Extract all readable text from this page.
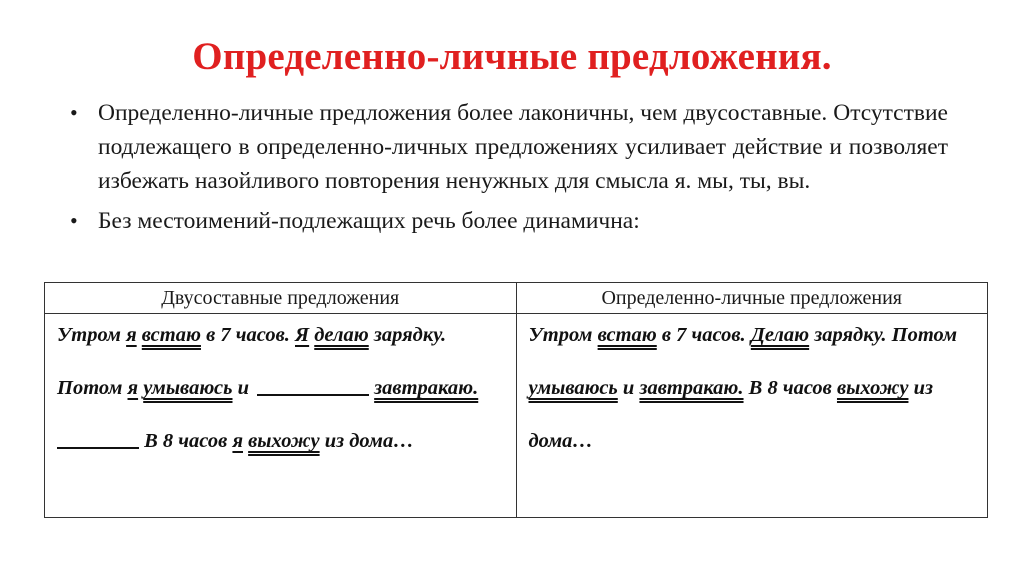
Определенно-личные предложения.
• Определенно-личные предложения более лаконичны, чем двусоставные. Отсутствие подлежащего в определенно-личных предложениях усиливает действие и позволяет избежать назойливого повторения ненужных для смысла я. мы, ты, вы.
• Без местоимений-подлежащих речь более динамична:
Двусоставные предложения	Определенно-личные предложения

Утром я встаю в 7 часов. Я делаю зарядку. Потом я умываюсь и завтракаю.  В 8 часов я выхожу из дома…	Утром встаю в 7 часов. Делаю зарядку. Потом умываюсь и завтракаю. В 8 часов выхожу из дома…
